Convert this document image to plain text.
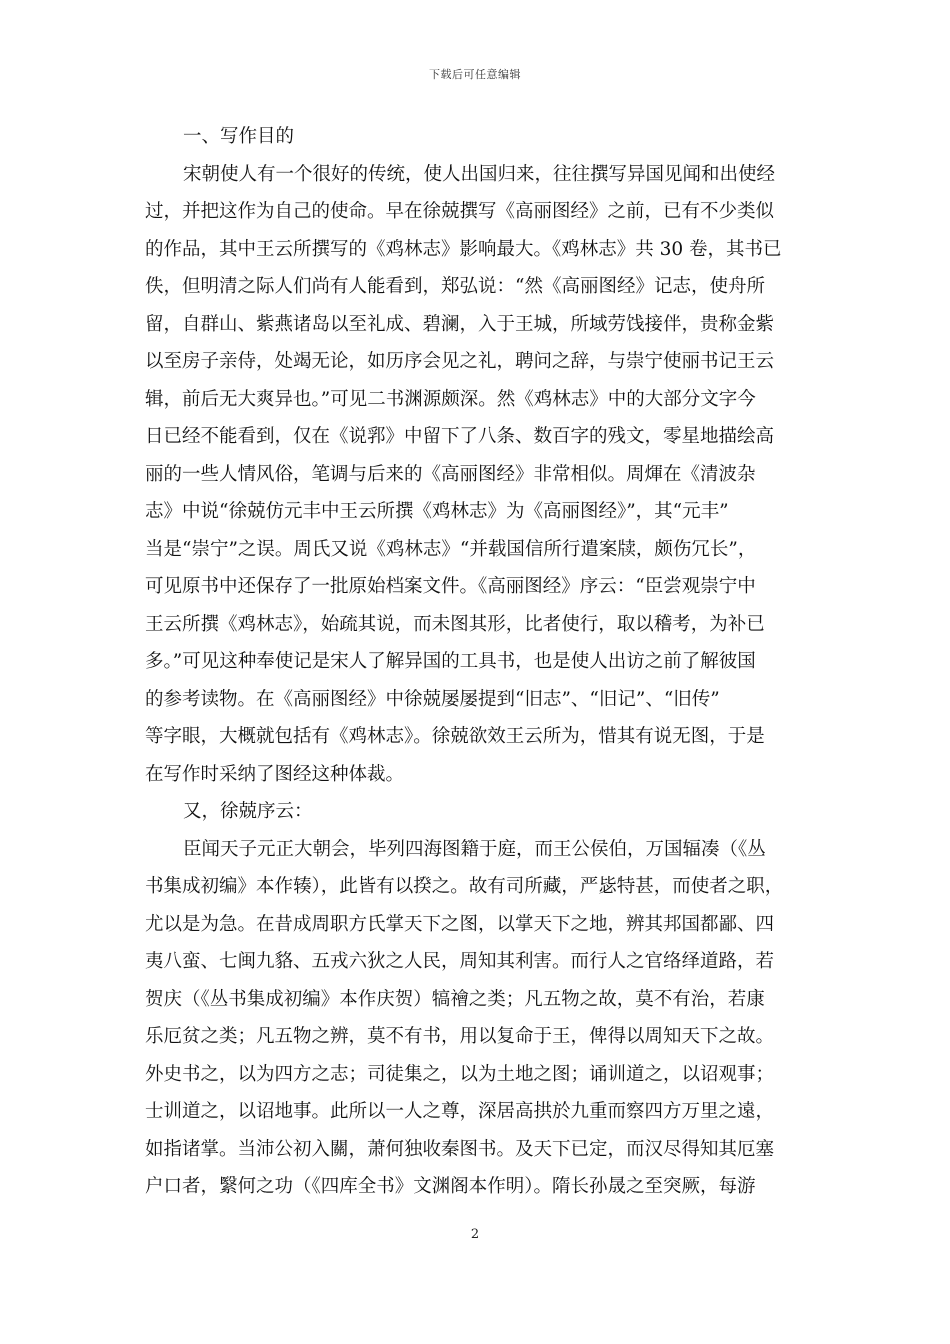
下载后可任意编辑
一、写作目的
宋朝使人有一个很好的传统，使人出国归来，往往撰写异国见闻和出使经
过，并把这作为自己的使命。早在徐兢撰写《高丽图经》之前，已有不少类似
的作品，其中王云所撰写的《鸡林志》影响最大。《鸡林志》共 30 卷，其书已
佚，但明清之际人们尚有人能看到，郑弘说：“然《高丽图经》记志，使舟所
留，自群山、紫燕诸岛以至礼成、碧澜，入于王城，所域劳饯接伴，贵称金紫
以至房子亲侍，处竭无论，如历序会见之礼，聘问之辞，与崇宁使丽书记王云
辑，前后无大爽异也。”可见二书渊源颇深。然《鸡林志》中的大部分文字今
日已经不能看到，仅在《说郛》中留下了八条、数百字的残文，零星地描绘高
丽的一些人情风俗，笔调与后来的《高丽图经》非常相似。周煇在《清波杂
志》中说“徐兢仿元丰中王云所撰《鸡林志》为《高丽图经》”，其“元丰”
当是“崇宁”之误。周氏又说《鸡林志》“并载国信所行遣案牍，颇伤冗长”，
可见原书中还保存了一批原始档案文件。《高丽图经》序云：“臣尝观崇宁中
王云所撰《鸡林志》，始疏其说，而未图其形，比者使行，取以稽考，为补已
多。”可见这种奉使记是宋人了解异国的工具书，也是使人出访之前了解彼国
的参考读物。在《高丽图经》中徐兢屡屡提到“旧志”、“旧记”、“旧传”
等字眼，大概就包括有《鸡林志》。徐兢欲效王云所为，惜其有说无图，于是
在写作时采纳了图经这种体裁。
又，徐兢序云：
臣闻天子元正大朝会，毕列四海图籍于庭，而王公侯伯，万国辐凑（《丛
书集成初编》本作辏），此皆有以揆之。故有司所藏，严毖特甚，而使者之职，
尤以是为急。在昔成周职方氏掌天下之图，以掌天下之地，辨其邦国都鄙、四
夷八蛮、七闽九貉、五戎六狄之人民，周知其利害。而行人之官络绎道路，若
贺庆（《丛书集成初编》本作庆贺）犒禬之类；凡五物之故，莫不有治，若康
乐厄贫之类；凡五物之辨，莫不有书，用以复命于王，俾得以周知天下之故。
外史书之，以为四方之志；司徒集之，以为土地之图；诵训道之，以诏观事；
士训道之，以诏地事。此所以一人之尊，深居高拱於九重而察四方万里之遠，
如指诸掌。当沛公初入關，萧何独收秦图书。及天下已定，而汉尽得知其厄塞
户口者，繄何之功（《四库全书》文渊阁本作明）。隋长孙晟之至突厥，每游
2
